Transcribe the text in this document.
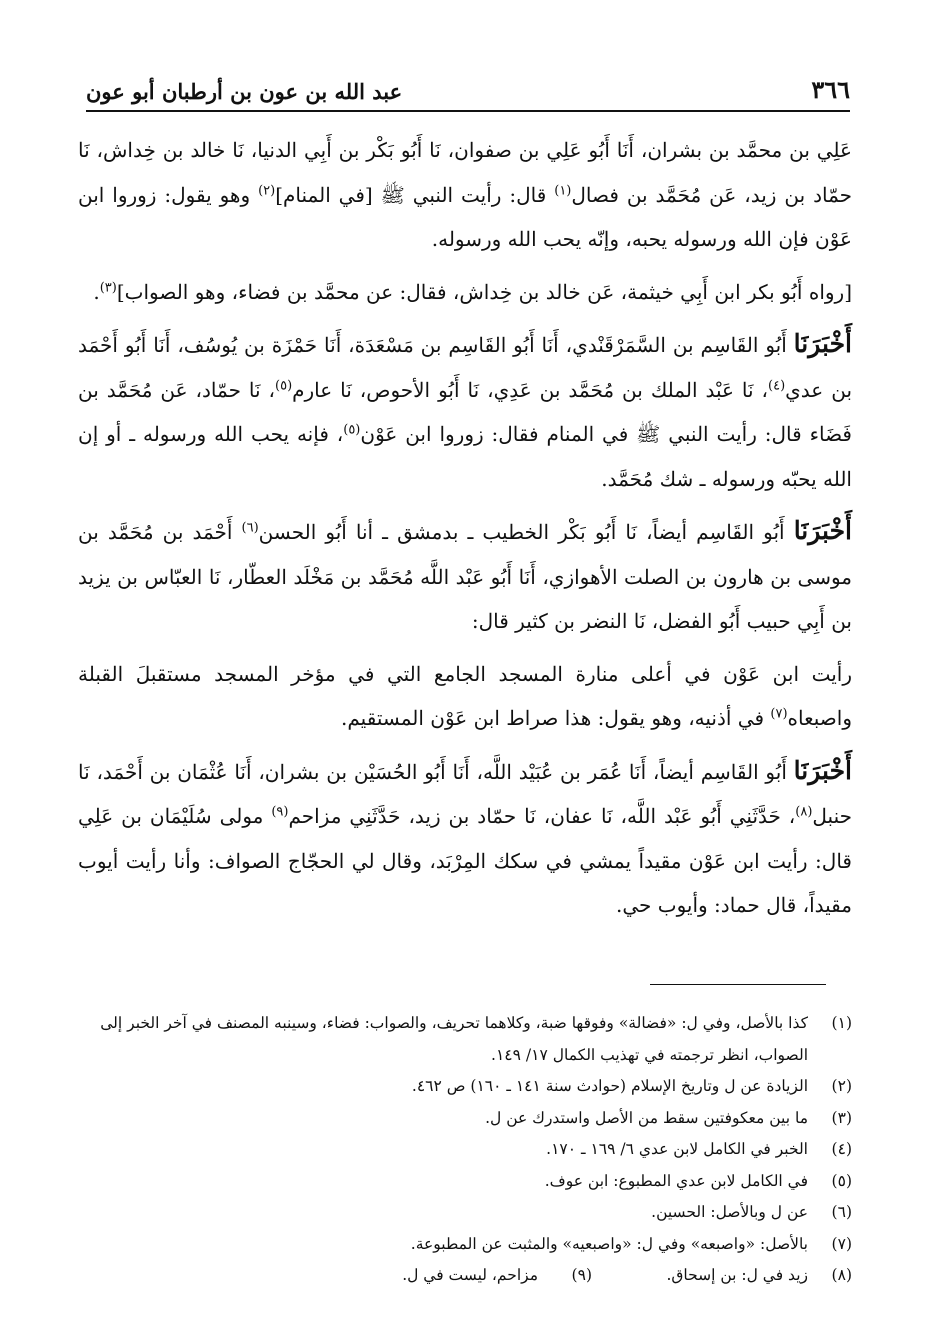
٣٦٦
عبد الله بن عون بن أرطبان أبو عون

عَلِي بن محمَّد بن بشران، أَنَا أَبُو عَلِي بن صفوان، نَا أَبُو بَكْر بن أَبِي الدنيا، نَا خالد بن خِداش، نَا حمّاد بن زيد، عَن مُحَمَّد بن فصال$^{(١)}$ قال: رأيت النبي ﷺ [في المنام]$^{(٢)}$ وهو يقول: زوروا ابن عَوْن فإن الله ورسوله يحبه، وإنّه يحب الله ورسوله.

[رواه أَبُو بكر ابن أَبِي خيثمة، عَن خالد بن خِداش، فقال: عن محمَّد بن فضاء، وهو الصواب]$^{(٣)}$.

أَخْبَرَنَا أَبُو القَاسِم بن السَّمَرْقَنْدي، أَنَا أَبُو القَاسِم بن مَسْعَدَة، أَنَا حَمْزَة بن يُوسُف، أَنَا أَبُو أَحْمَد بن عدي$^{(٤)}$، نَا عَبْد الملك بن مُحَمَّد بن عَدِي، نَا أَبُو الأحوص، نَا عارم$^{(٥)}$، نَا حمّاد، عَن مُحَمَّد بن فَضَاء قال: رأيت النبي ﷺ في المنام فقال: زوروا ابن عَوْن$^{(٥)}$، فإنه يحب الله ورسوله ـ أو إن الله يحبّه ورسوله ـ شك مُحَمَّد.

أَخْبَرَنَا أَبُو القَاسِم أيضاً، نَا أَبُو بَكْر الخطيب ـ بدمشق ـ أنا أَبُو الحسن$^{(٦)}$ أَحْمَد بن مُحَمَّد بن موسى بن هارون بن الصلت الأهوازي، أَنَا أَبُو عَبْد اللَّه مُحَمَّد بن مَخْلَد العطّار، نَا العبّاس بن يزيد بن أَبِي حبيب أَبُو الفضل، نَا النضر بن كثير قال:

رأيت ابن عَوْن في أعلى منارة المسجد الجامع التي في مؤخر المسجد مستقبلَ القبلة واصبعاه$^{(٧)}$ في أذنيه، وهو يقول: هذا صراط ابن عَوْن المستقيم.

أَخْبَرَنَا أَبُو القَاسِم أيضاً، أَنَا عُمَر بن عُبَيْد اللَّه، أَنَا أَبُو الحُسَيْن بن بشران، أَنَا عُثْمَان بن أَحْمَد، نَا حنبل$^{(٨)}$، حَدَّثَنِي أَبُو عَبْد اللَّه، نَا عفان، نَا حمّاد بن زيد، حَدَّثَنِي مزاحم$^{(٩)}$ مولى سُلَيْمَان بن عَلِي قال: رأيت ابن عَوْن مقيداً يمشي في سكك المِرْبَد، وقال لي الحجّاج الصواف: وأنا رأيت أيوب مقيداً، قال حماد: وأيوب حي.

(١)
كذا بالأصل، وفي ل: «فضالة» وفوقها ضبة، وكلاهما تحريف، والصواب: فضاء، وسينبه المصنف في آخر الخبر إلى الصواب، انظر ترجمته في تهذيب الكمال ١٧/ ١٤٩.
(٢)
الزيادة عن ل وتاريخ الإسلام (حوادث سنة ١٤١ ـ ١٦٠) ص ٤٦٢.
(٣)
ما بين معكوفتين سقط من الأصل واستدرك عن ل.
(٤)
الخبر في الكامل لابن عدي ٦/ ١٦٩ ـ ١٧٠.
(٥)
في الكامل لابن عدي المطبوع: ابن عوف.
(٦)
عن ل وبالأصل: الحسين.
(٧)
بالأصل: «واصبعه» وفي ل: «واصبعيه» والمثبت عن المطبوعة.
(٨)
زيد في ل: بن إسحاق.
(٩)
مزاحم، ليست في ل.
